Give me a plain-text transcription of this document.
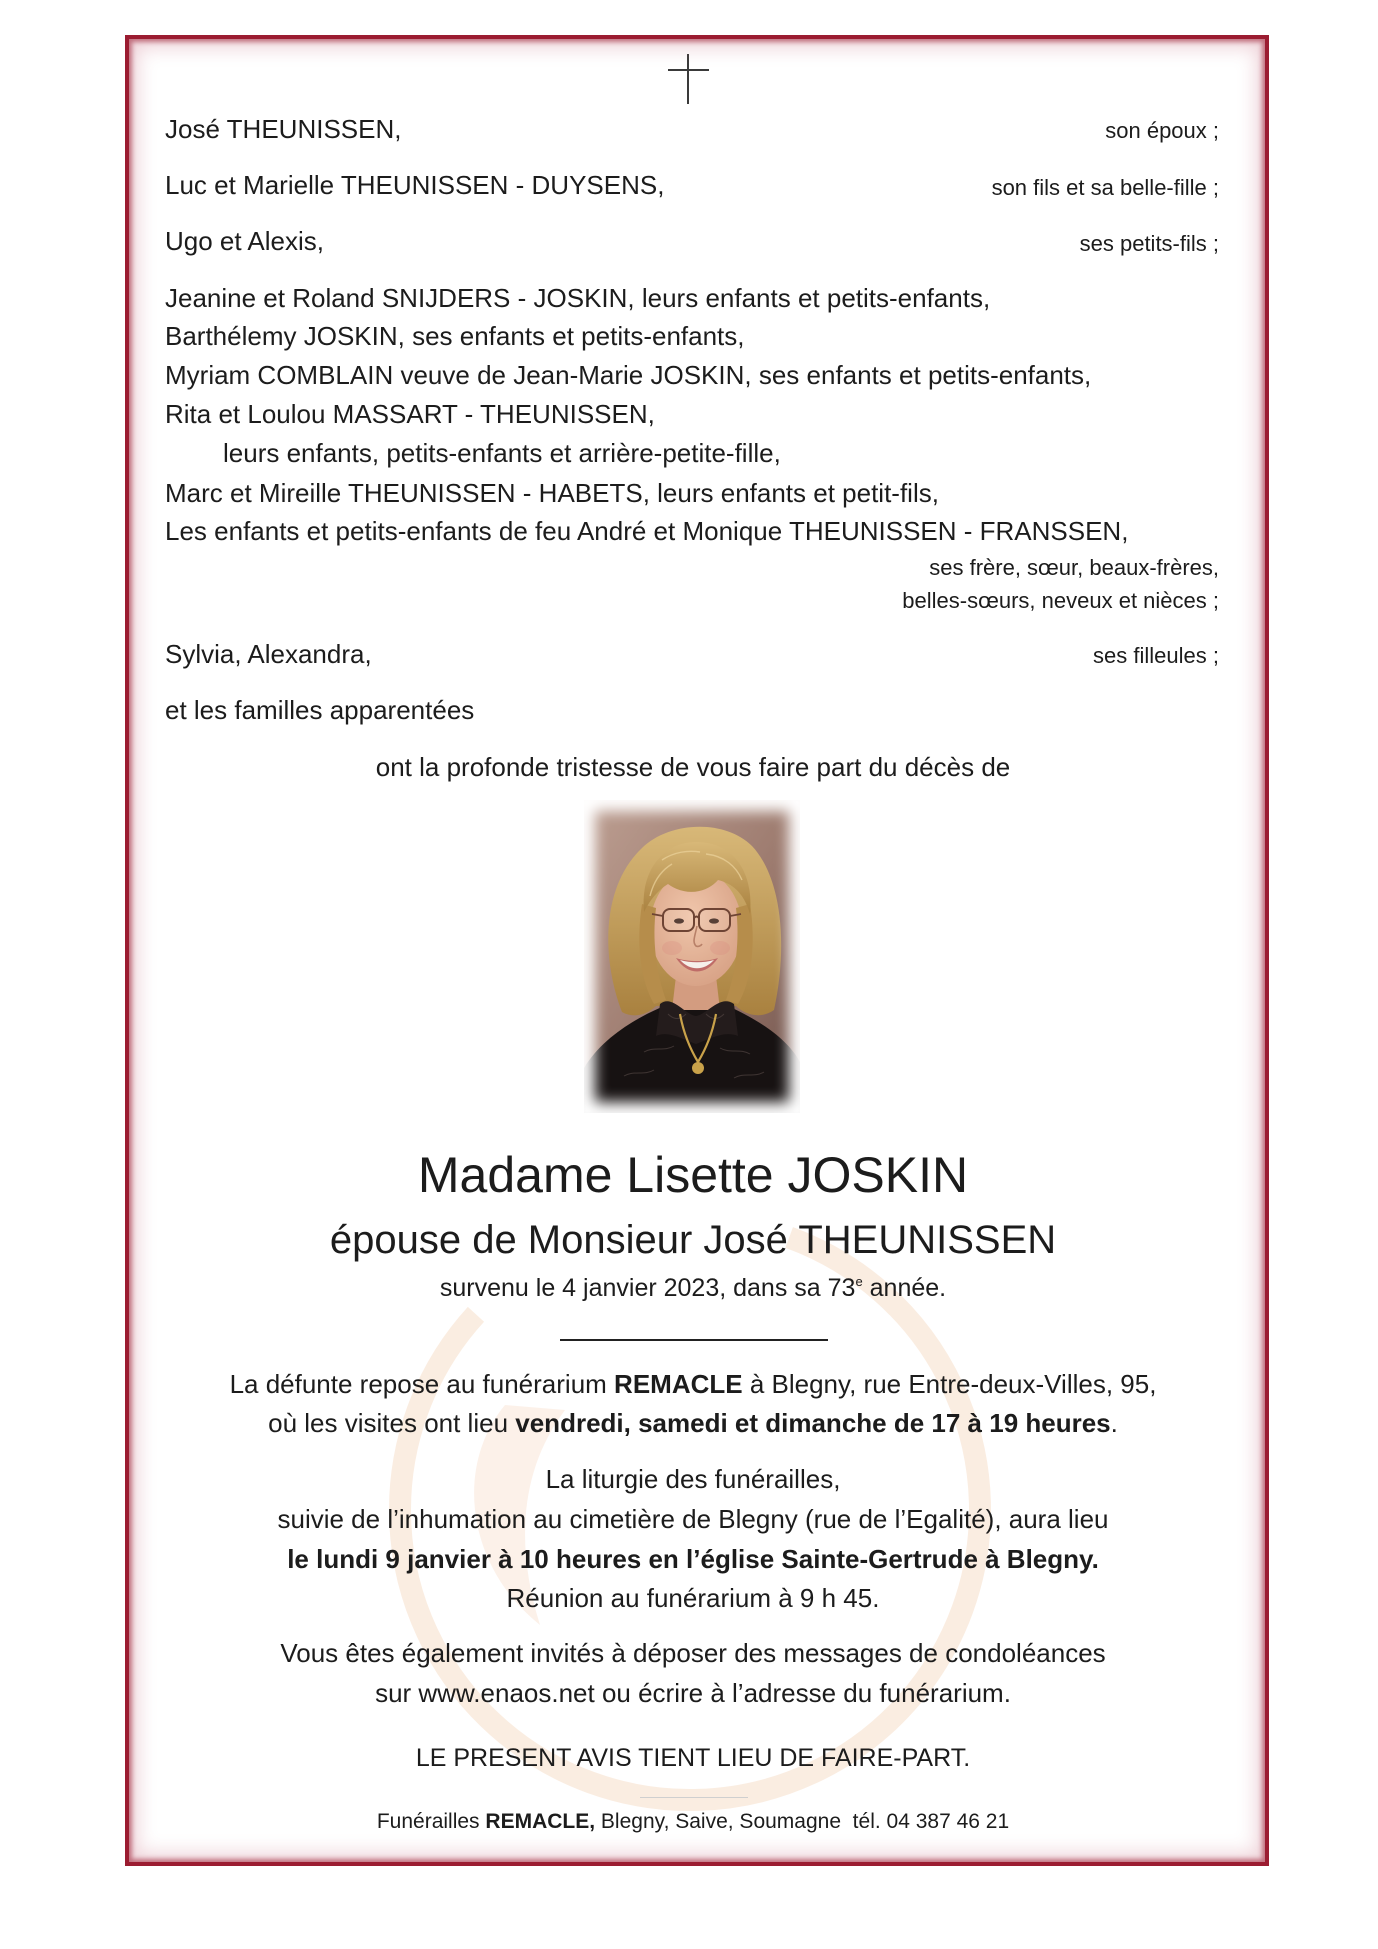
José THEUNISSEN,	son époux ;
Luc et Marielle THEUNISSEN - DUYSENS,	son fils et sa belle-fille ;
Ugo et Alexis,	ses petits-fils ;
Jeanine et Roland SNIJDERS - JOSKIN, leurs enfants et petits-enfants,
Barthélemy JOSKIN, ses enfants et petits-enfants,
Myriam COMBLAIN veuve de Jean-Marie JOSKIN, ses enfants et petits-enfants,
Rita et Loulou MASSART - THEUNISSEN,
leurs enfants, petits-enfants et arrière-petite-fille,
Marc et Mireille THEUNISSEN - HABETS, leurs enfants et petit-fils,
Les enfants et petits-enfants de feu André et Monique THEUNISSEN - FRANSSEN,
ses frère, sœur, beaux-frères,
belles-sœurs, neveux et nièces ;
Sylvia, Alexandra,	ses filleules ;
et les familles apparentées
ont la profonde tristesse de vous faire part du décès de
Madame Lisette JOSKIN
épouse de Monsieur José THEUNISSEN
survenu le 4 janvier 2023, dans sa 73e année.
La défunte repose au funérarium REMACLE à Blegny, rue Entre-deux-Villes, 95,
où les visites ont lieu vendredi, samedi et dimanche de 17 à 19 heures.
La liturgie des funérailles,
suivie de l’inhumation au cimetière de Blegny (rue de l’Egalité), aura lieu
le lundi 9 janvier à 10 heures en l’église Sainte-Gertrude à Blegny.
Réunion au funérarium à 9 h 45.
Vous êtes également invités à déposer des messages de condoléances
sur www.enaos.net ou écrire à l’adresse du funérarium.
LE PRESENT AVIS TIENT LIEU DE FAIRE-PART.
Funérailles REMACLE, Blegny, Saive, Soumagne  tél. 04 387 46 21
